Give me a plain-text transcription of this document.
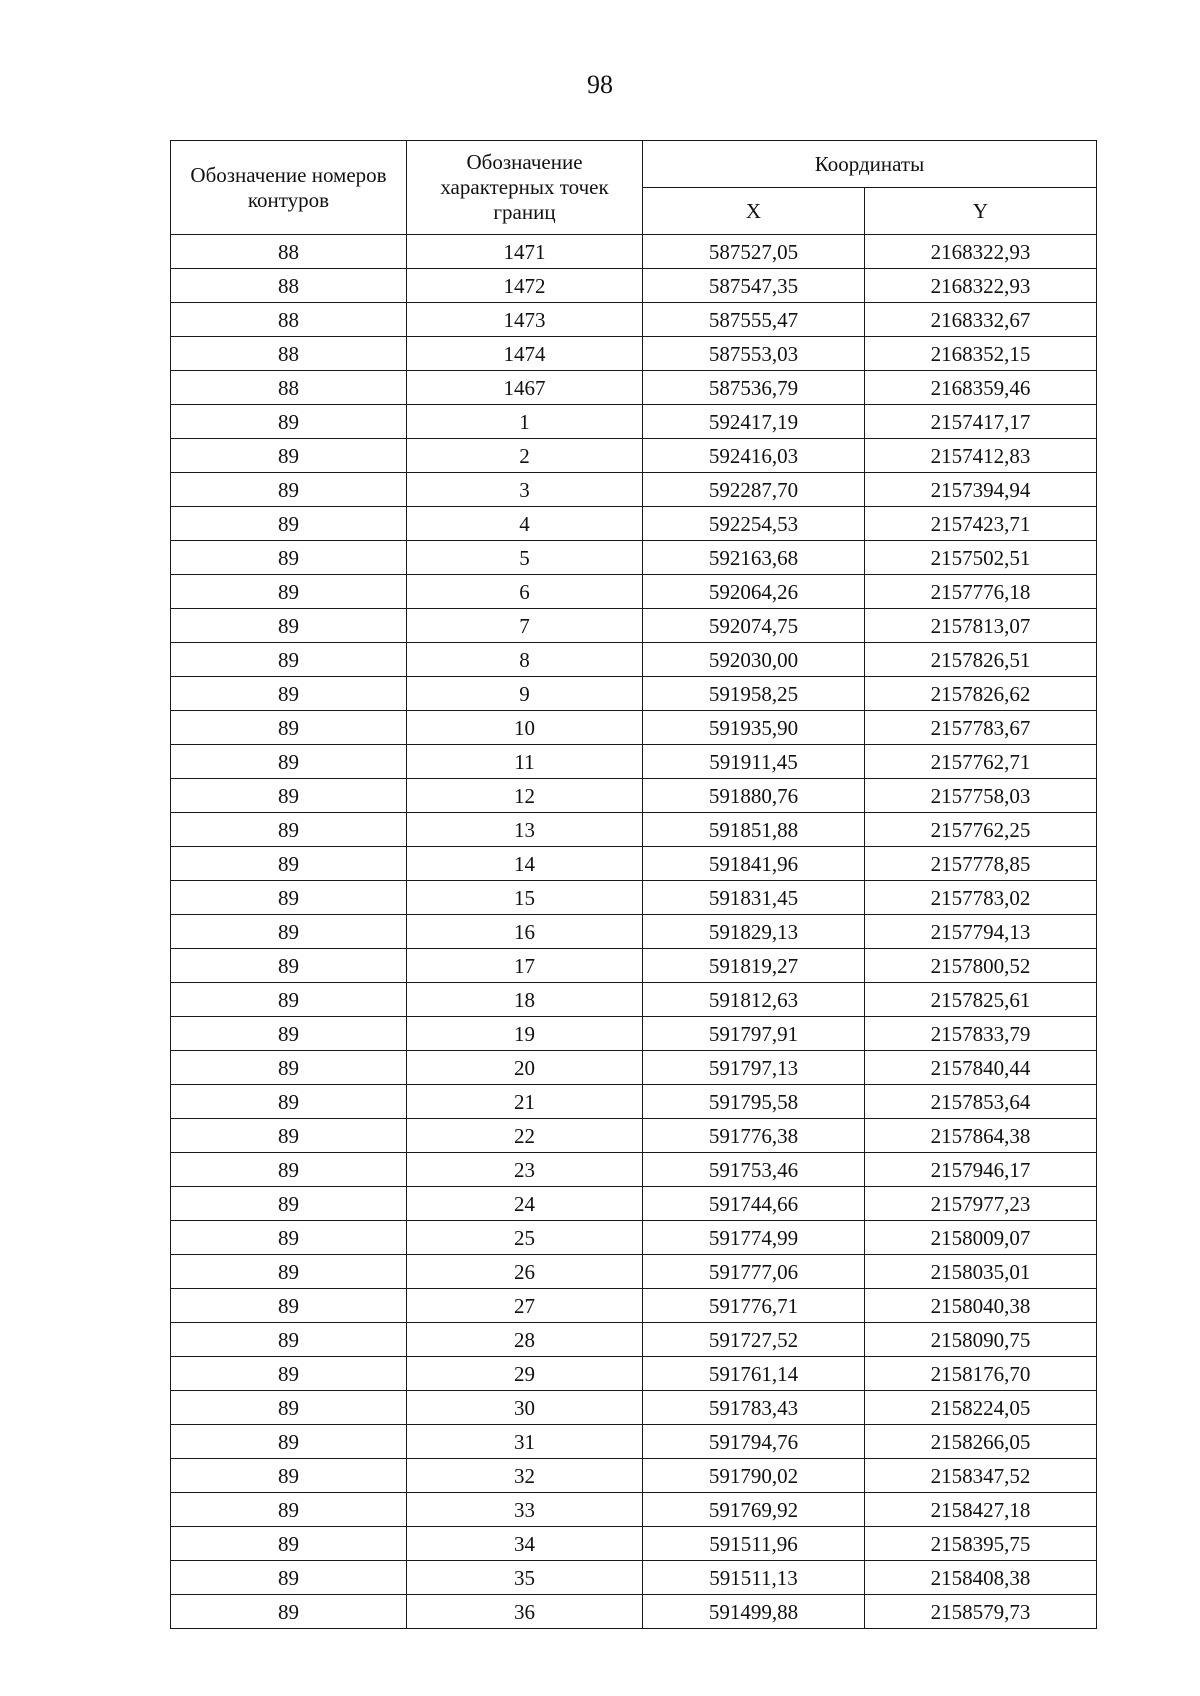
98
Обозначение номеров контуров	Обозначение характерных точек границ	Координаты	
		X	Y
88	1471	587527,05	2168322,93
88	1472	587547,35	2168322,93
88	1473	587555,47	2168332,67
88	1474	587553,03	2168352,15
88	1467	587536,79	2168359,46
89	1	592417,19	2157417,17
89	2	592416,03	2157412,83
89	3	592287,70	2157394,94
89	4	592254,53	2157423,71
89	5	592163,68	2157502,51
89	6	592064,26	2157776,18
89	7	592074,75	2157813,07
89	8	592030,00	2157826,51
89	9	591958,25	2157826,62
89	10	591935,90	2157783,67
89	11	591911,45	2157762,71
89	12	591880,76	2157758,03
89	13	591851,88	2157762,25
89	14	591841,96	2157778,85
89	15	591831,45	2157783,02
89	16	591829,13	2157794,13
89	17	591819,27	2157800,52
89	18	591812,63	2157825,61
89	19	591797,91	2157833,79
89	20	591797,13	2157840,44
89	21	591795,58	2157853,64
89	22	591776,38	2157864,38
89	23	591753,46	2157946,17
89	24	591744,66	2157977,23
89	25	591774,99	2158009,07
89	26	591777,06	2158035,01
89	27	591776,71	2158040,38
89	28	591727,52	2158090,75
89	29	591761,14	2158176,70
89	30	591783,43	2158224,05
89	31	591794,76	2158266,05
89	32	591790,02	2158347,52
89	33	591769,92	2158427,18
89	34	591511,96	2158395,75
89	35	591511,13	2158408,38
89	36	591499,88	2158579,73
